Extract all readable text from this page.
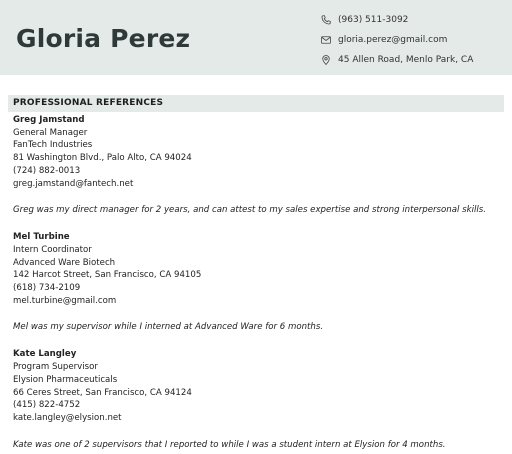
Gloria Perez
(963) 511-3092
gloria.perez@gmail.com
45 Allen Road, Menlo Park, CA
PROFESSIONAL REFERENCES
Greg Jamstand
General Manager
FanTech Industries
81 Washington Blvd., Palo Alto, CA 94024
(724) 882-0013
greg.jamstand@fantech.net
Greg was my direct manager for 2 years, and can attest to my sales expertise and strong interpersonal skills.
Mel Turbine
Intern Coordinator
Advanced Ware Biotech
142 Harcot Street, San Francisco, CA 94105
(618) 734-2109
mel.turbine@gmail.com
Mel was my supervisor while I interned at Advanced Ware for 6 months.
Kate Langley
Program Supervisor
Elysion Pharmaceuticals
66 Ceres Street, San Francisco, CA 94124
(415) 822-4752
kate.langley@elysion.net
Kate was one of 2 supervisors that I reported to while I was a student intern at Elysion for 4 months.
